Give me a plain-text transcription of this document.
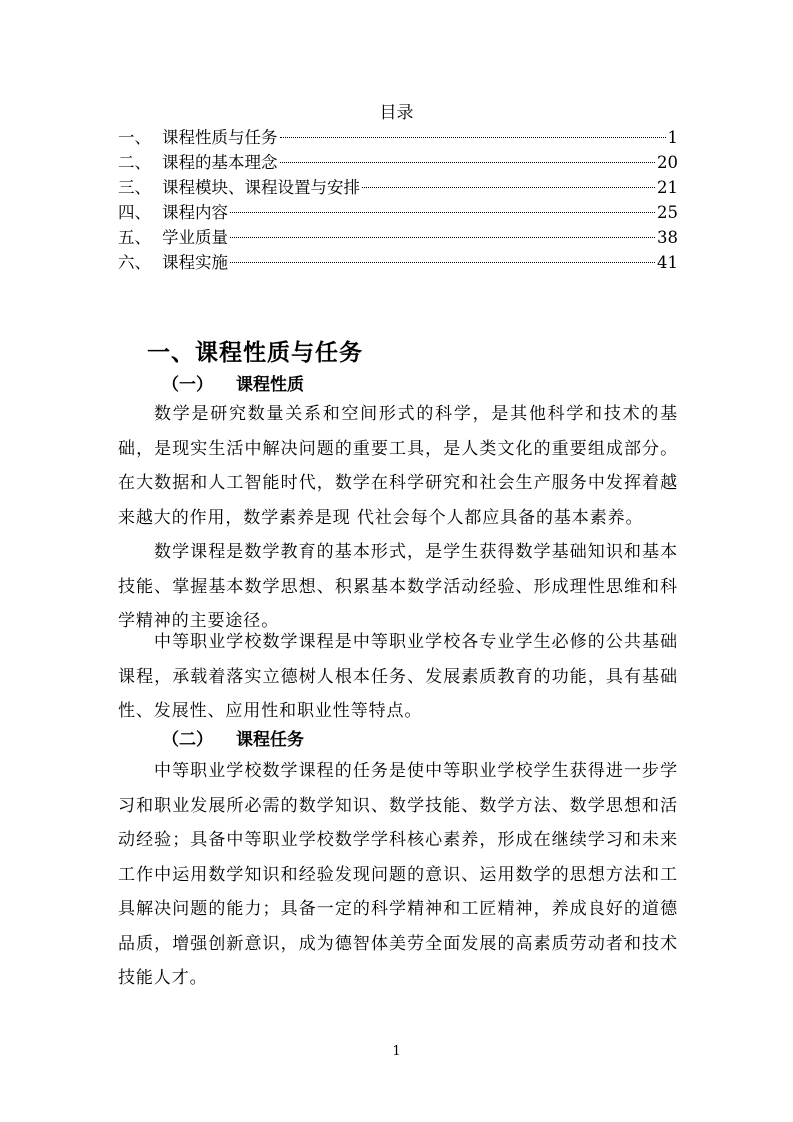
目录
一、 课程性质与任务	1
二、 课程的基本理念	20
三、 课程模块、课程设置与安排	21
四、 课程内容	25
五、 学业质量	38
六、 课程实施	41
一、课程性质与任务
（一） 课程性质

数学是研究数量关系和空间形式的科学，是其他科学和技术的基础，是现实生活中解决问题的重要工具，是人类文化的重要组成部分。在大数据和人工智能时代，数学在科学研究和社会生产服务中发挥着越来越大的作用，数学素养是现 代社会每个人都应具备的基本素养。

数学课程是数学教育的基本形式，是学生获得数学基础知识和基本技能、掌握基本数学思想、积累基本数学活动经验、形成理性思维和科学精神的主要途径。

中等职业学校数学课程是中等职业学校各专业学生必修的公共基础课程，承载着落实立德树人根本任务、发展素质教育的功能，具有基础性、发展性、应用性和职业性等特点。

（二） 课程任务

中等职业学校数学课程的任务是使中等职业学校学生获得进一步学习和职业发展所必需的数学知识、数学技能、数学方法、数学思想和活动经验；具备中等职业学校数学学科核心素养，形成在继续学习和未来工作中运用数学知识和经验发现问题的意识、运用数学的思想方法和工具解决问题的能力；具备一定的科学精神和工匠精神，养成良好的道德品质，增强创新意识，成为德智体美劳全面发展的高素质劳动者和技术技能人才。

1
